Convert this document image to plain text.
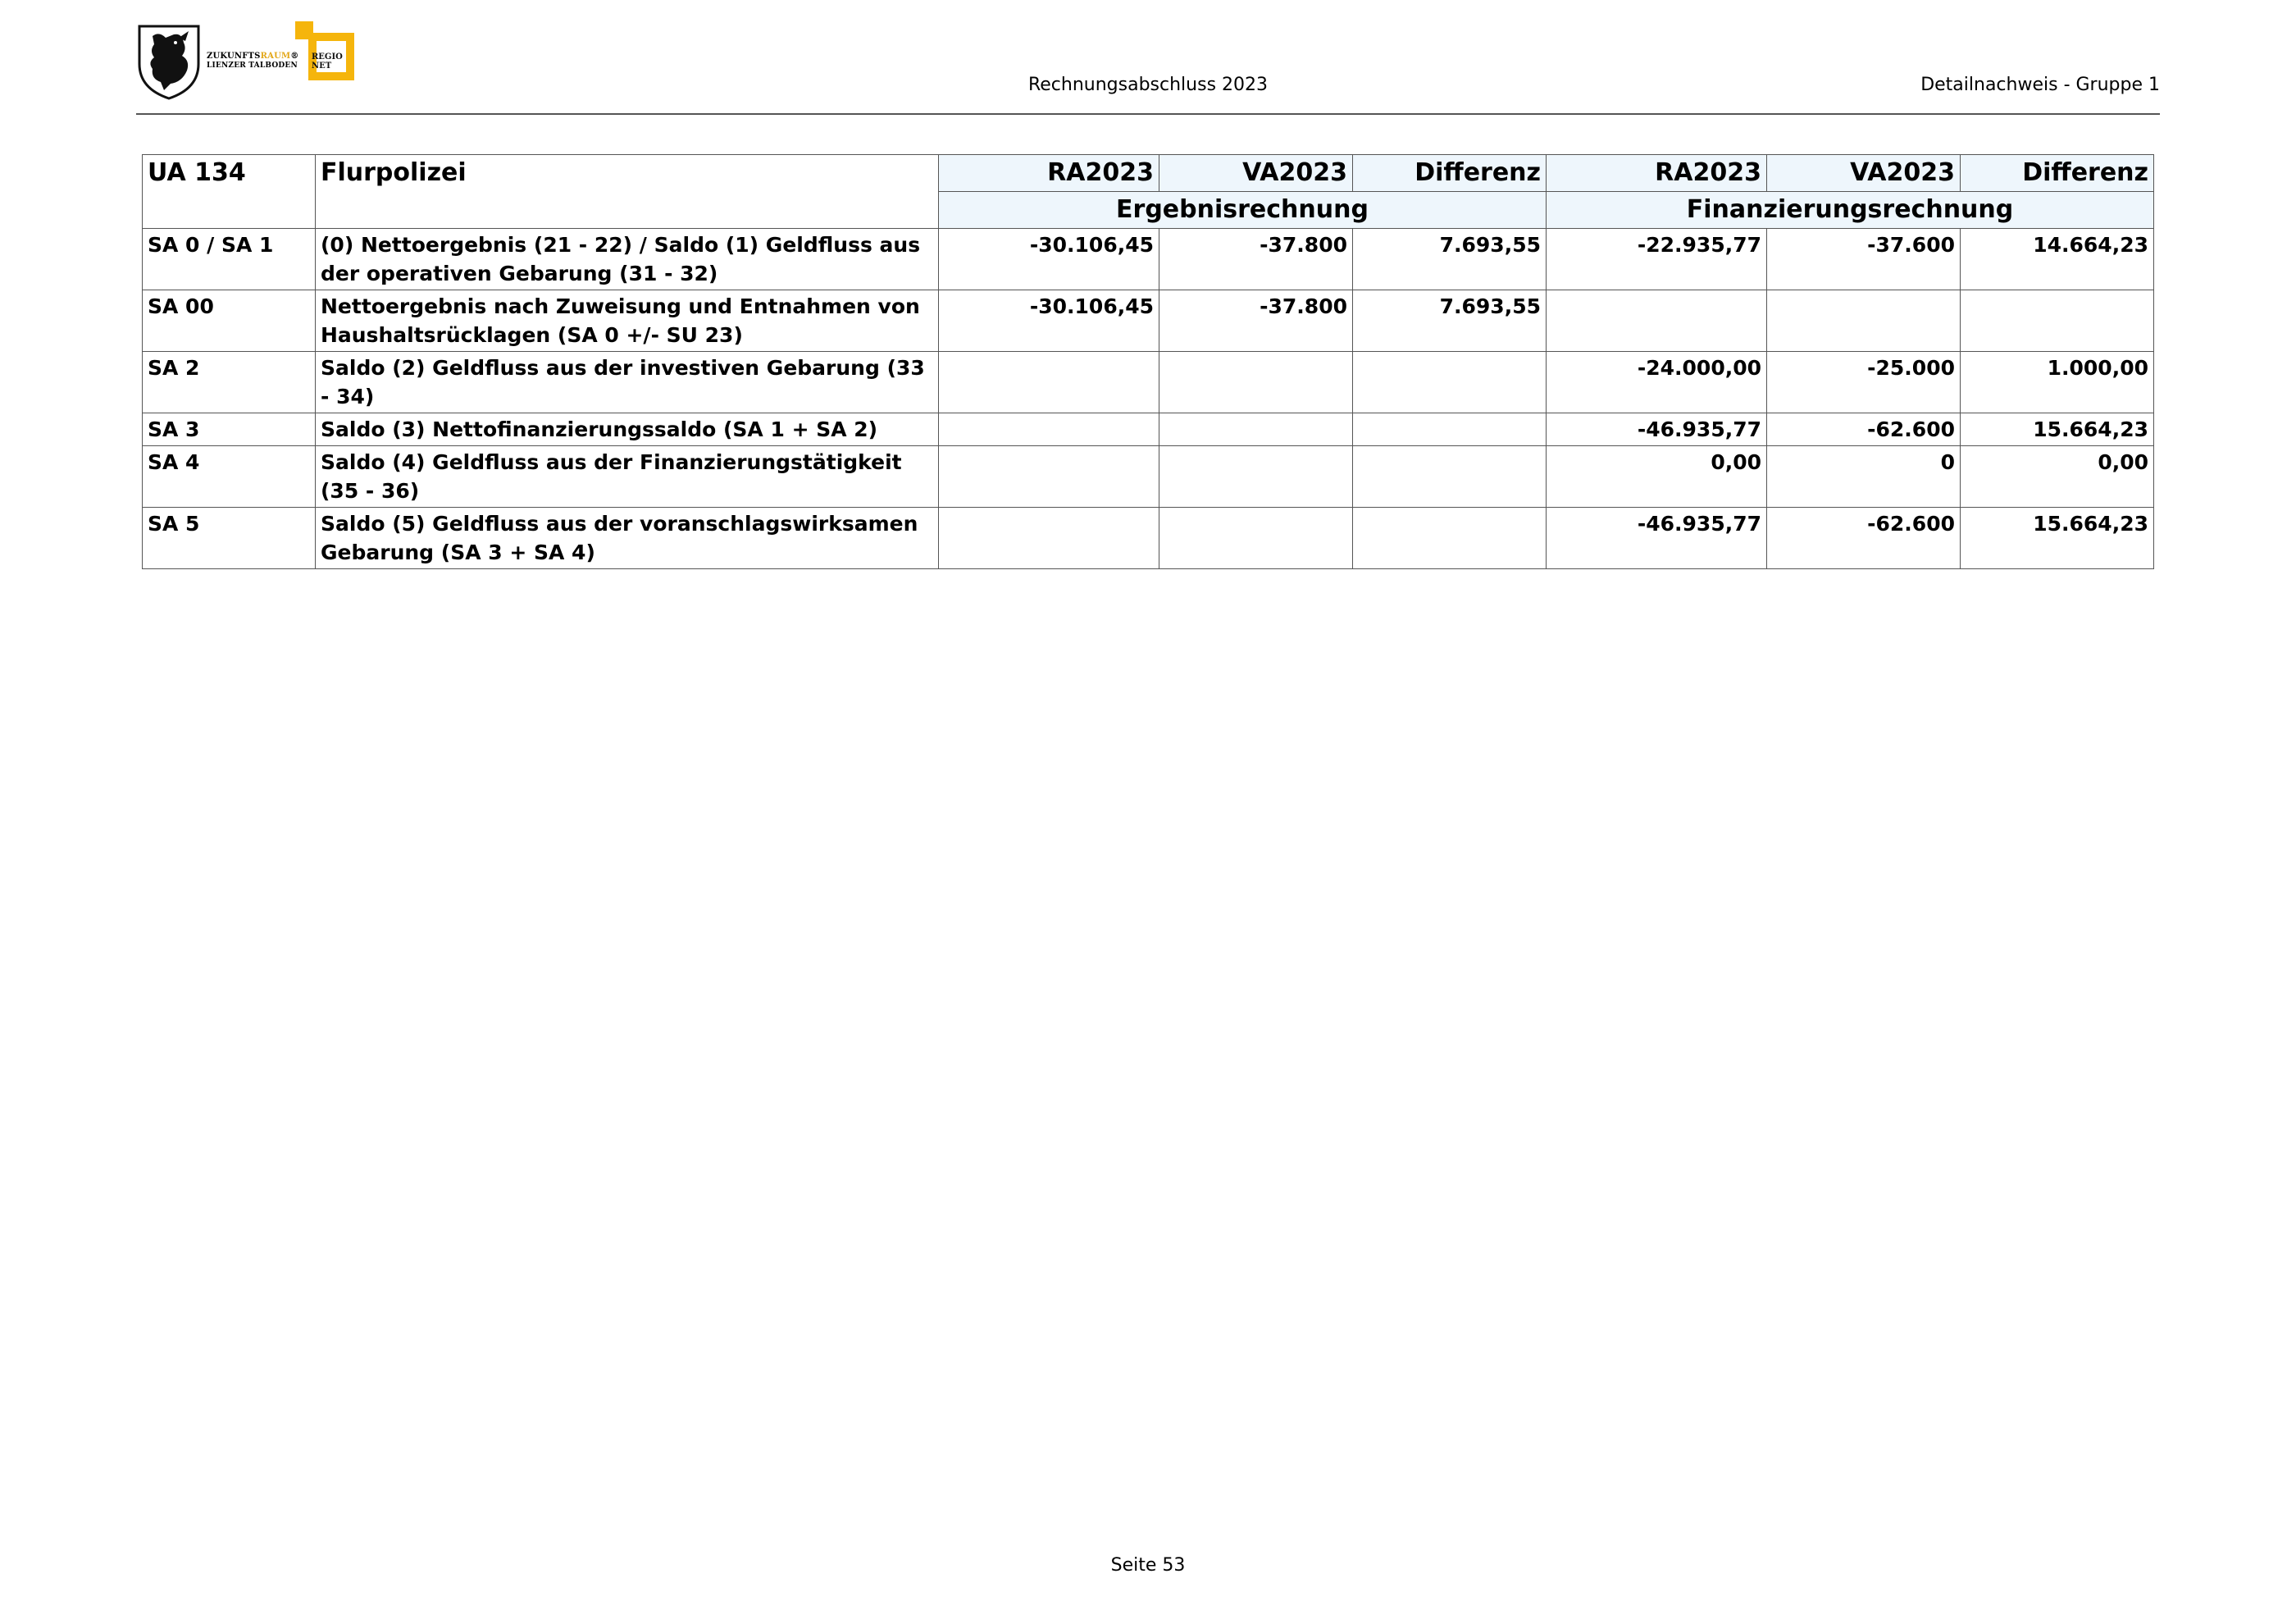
ZUKUNFTSRAUM®
LIENZER TALBODEN
REGIO
NET
Rechnungsabschluss 2023	Detailnachweis - Gruppe 1
UA 134	Flurpolizei	RA2023	VA2023	Differenz	RA2023	VA2023	Differenz
		Ergebnisrechnung			Finanzierungsrechnung		
SA 0 / SA 1	(0) Nettoergebnis (21 - 22) / Saldo (1) Geldfluss aus der operativen Gebarung (31 - 32)	-30.106,45	-37.800	7.693,55	-22.935,77	-37.600	14.664,23
SA 00	Nettoergebnis nach Zuweisung und Entnahmen von Haushaltsrücklagen (SA 0 +/- SU 23)	-30.106,45	-37.800	7.693,55			
SA 2	Saldo (2) Geldfluss aus der investiven Gebarung (33 - 34)				-24.000,00	-25.000	1.000,00
SA 3	Saldo (3) Nettofinanzierungssaldo (SA 1 + SA 2)				-46.935,77	-62.600	15.664,23
SA 4	Saldo (4) Geldfluss aus der Finanzierungstätigkeit (35 - 36)				0,00	0	0,00
SA 5	Saldo (5) Geldfluss aus der voranschlagswirksamen Gebarung (SA 3 + SA 4)				-46.935,77	-62.600	15.664,23
Seite 53
